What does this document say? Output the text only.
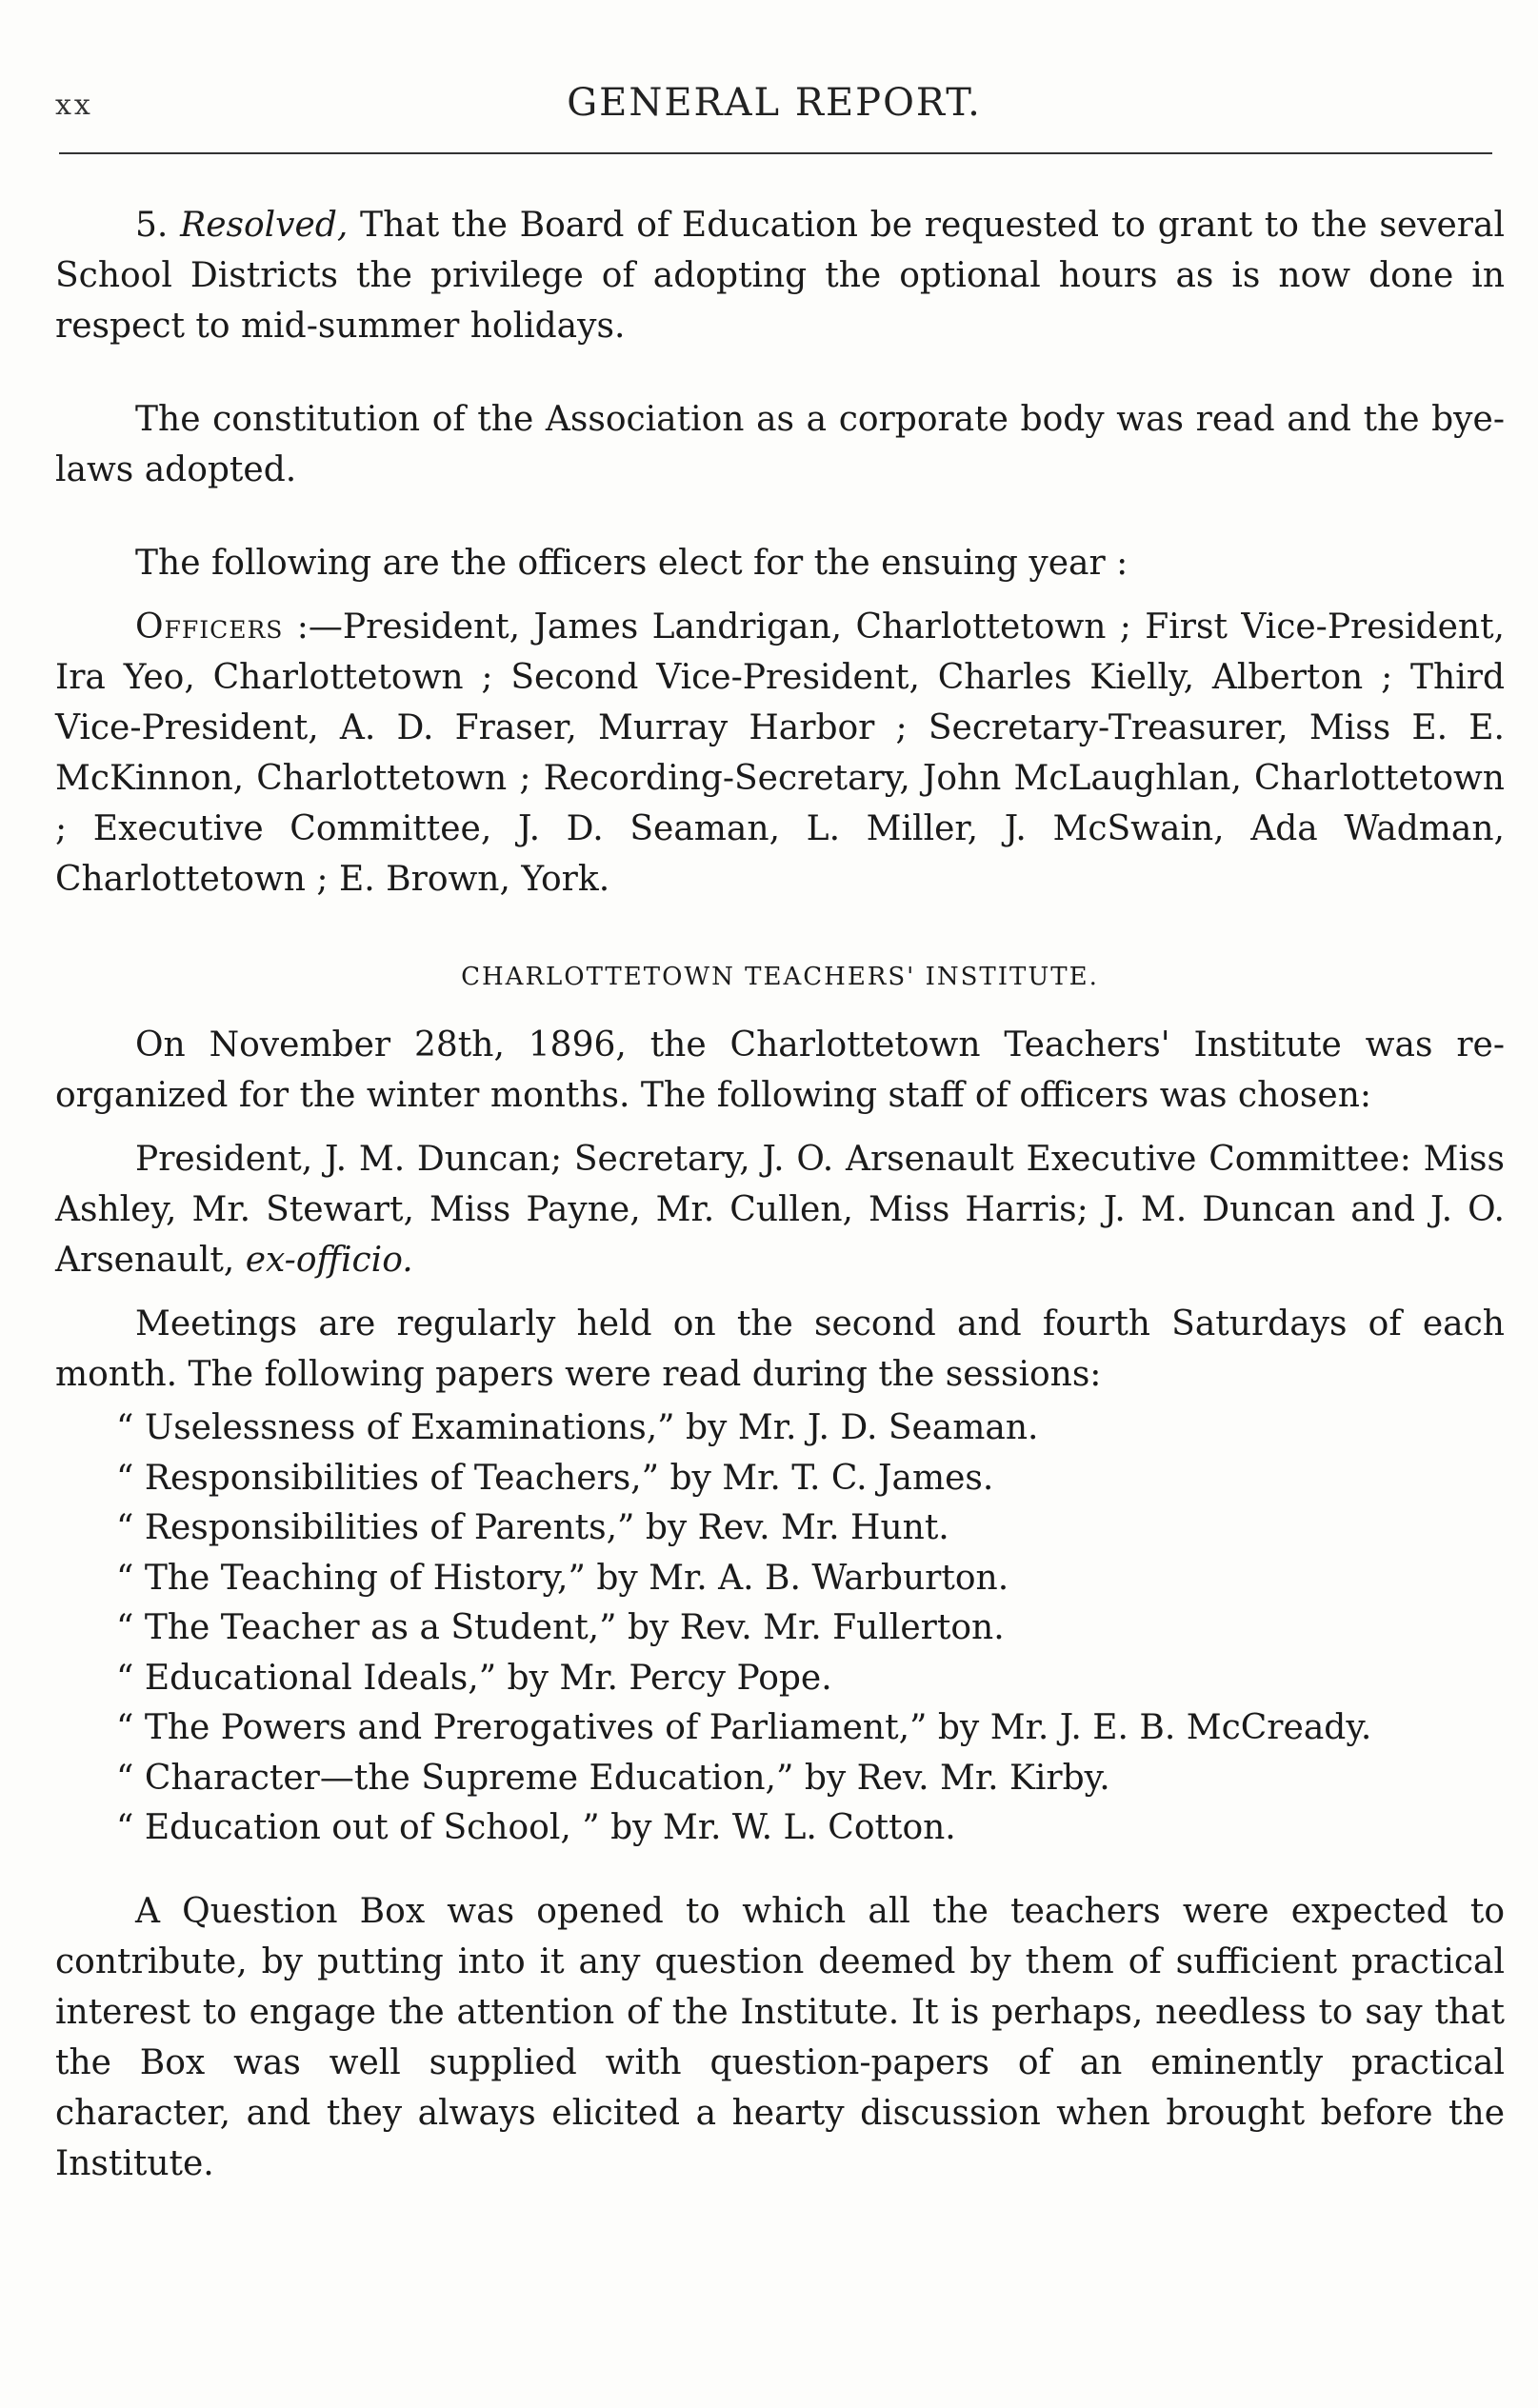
xx	GENERAL REPORT.

5. Resolved, That the Board of Education be requested to grant to the several School Districts the privilege of adopting the optional hours as is now done in respect to mid-summer holidays.

The constitution of the Association as a corporate body was read and the bye-laws adopted.

The following are the officers elect for the ensuing year :

Officers :—President, James Landrigan, Charlottetown ; First Vice-President, Ira Yeo, Charlottetown ; Second Vice-President, Charles Kielly, Alberton ; Third Vice-President, A. D. Fraser, Murray Harbor ; Secretary-Treasurer, Miss E. E. McKinnon, Charlottetown ; Recording-Secretary, John McLaughlan, Charlottetown ; Executive Committee, J. D. Seaman, L. Miller, J. McSwain, Ada Wadman, Charlottetown ; E. Brown, York.

CHARLOTTETOWN TEACHERS' INSTITUTE.

On November 28th, 1896, the Charlottetown Teachers' Institute was re-organized for the winter months. The following staff of officers was chosen:

President, J. M. Duncan; Secretary, J. O. Arsenault Executive Committee: Miss Ashley, Mr. Stewart, Miss Payne, Mr. Cullen, Miss Harris; J. M. Duncan and J. O. Arsenault, ex-officio.

Meetings are regularly held on the second and fourth Saturdays of each month. The following papers were read during the sessions:

“ Uselessness of Examinations,” by Mr. J. D. Seaman.
“ Responsibilities of Teachers,” by Mr. T. C. James.
“ Responsibilities of Parents,” by Rev. Mr. Hunt.
“ The Teaching of History,” by Mr. A. B. Warburton.
“ The Teacher as a Student,” by Rev. Mr. Fullerton.
“ Educational Ideals,” by Mr. Percy Pope.
“ The Powers and Prerogatives of Parliament,” by Mr. J. E. B. McCready.
“ Character—the Supreme Education,” by Rev. Mr. Kirby.
“ Education out of School, ” by Mr. W. L. Cotton.

A Question Box was opened to which all the teachers were expected to contribute, by putting into it any question deemed by them of sufficient practical interest to engage the attention of the Institute. It is perhaps, needless to say that the Box was well supplied with question-papers of an eminently practical character, and they always elicited a hearty discussion when brought before the Institute.
